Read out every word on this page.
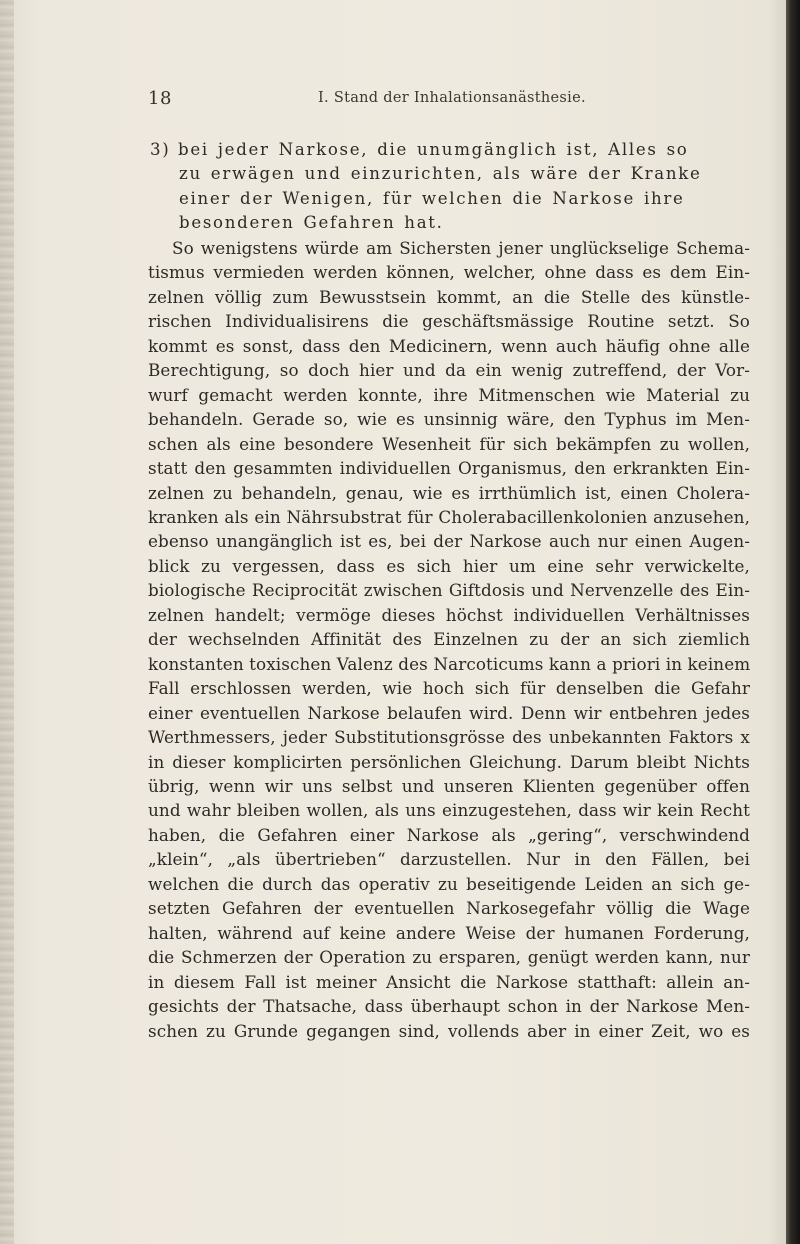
18	I. Stand der Inhalationsanästhesie.
3) bei jeder Narkose, die unumgänglich ist, Alles so
zu erwägen und einzurichten, als wäre der Kranke
einer der Wenigen, für welchen die Narkose ihre
besonderen Gefahren hat.
So wenigstens würde am Sichersten jener unglückselige Schema-
tismus vermieden werden können, welcher, ohne dass es dem Ein-
zelnen völlig zum Bewusstsein kommt, an die Stelle des künstle-
rischen Individualisirens die geschäftsmässige Routine setzt. So
kommt es sonst, dass den Medicinern, wenn auch häufig ohne alle
Berechtigung, so doch hier und da ein wenig zutreffend, der Vor-
wurf gemacht werden konnte, ihre Mitmenschen wie Material zu
behandeln. Gerade so, wie es unsinnig wäre, den Typhus im Men-
schen als eine besondere Wesenheit für sich bekämpfen zu wollen,
statt den gesammten individuellen Organismus, den erkrankten Ein-
zelnen zu behandeln, genau, wie es irrthümlich ist, einen Cholera-
kranken als ein Nährsubstrat für Cholerabacillenkolonien anzusehen,
ebenso unangänglich ist es, bei der Narkose auch nur einen Augen-
blick zu vergessen, dass es sich hier um eine sehr verwickelte,
biologische Reciprocität zwischen Giftdosis und Nervenzelle des Ein-
zelnen handelt; vermöge dieses höchst individuellen Verhältnisses
der wechselnden Affinität des Einzelnen zu der an sich ziemlich
konstanten toxischen Valenz des Narcoticums kann a priori in keinem
Fall erschlossen werden, wie hoch sich für denselben die Gefahr
einer eventuellen Narkose belaufen wird. Denn wir entbehren jedes
Werthmessers, jeder Substitutionsgrösse des unbekannten Faktors x
in dieser komplicirten persönlichen Gleichung. Darum bleibt Nichts
übrig, wenn wir uns selbst und unseren Klienten gegenüber offen
und wahr bleiben wollen, als uns einzugestehen, dass wir kein Recht
haben, die Gefahren einer Narkose als „gering“, verschwindend
„klein“, „als übertrieben“ darzustellen. Nur in den Fällen, bei
welchen die durch das operativ zu beseitigende Leiden an sich ge-
setzten Gefahren der eventuellen Narkosegefahr völlig die Wage
halten, während auf keine andere Weise der humanen Forderung,
die Schmerzen der Operation zu ersparen, genügt werden kann, nur
in diesem Fall ist meiner Ansicht die Narkose statthaft: allein an-
gesichts der Thatsache, dass überhaupt schon in der Narkose Men-
schen zu Grunde gegangen sind, vollends aber in einer Zeit, wo es
